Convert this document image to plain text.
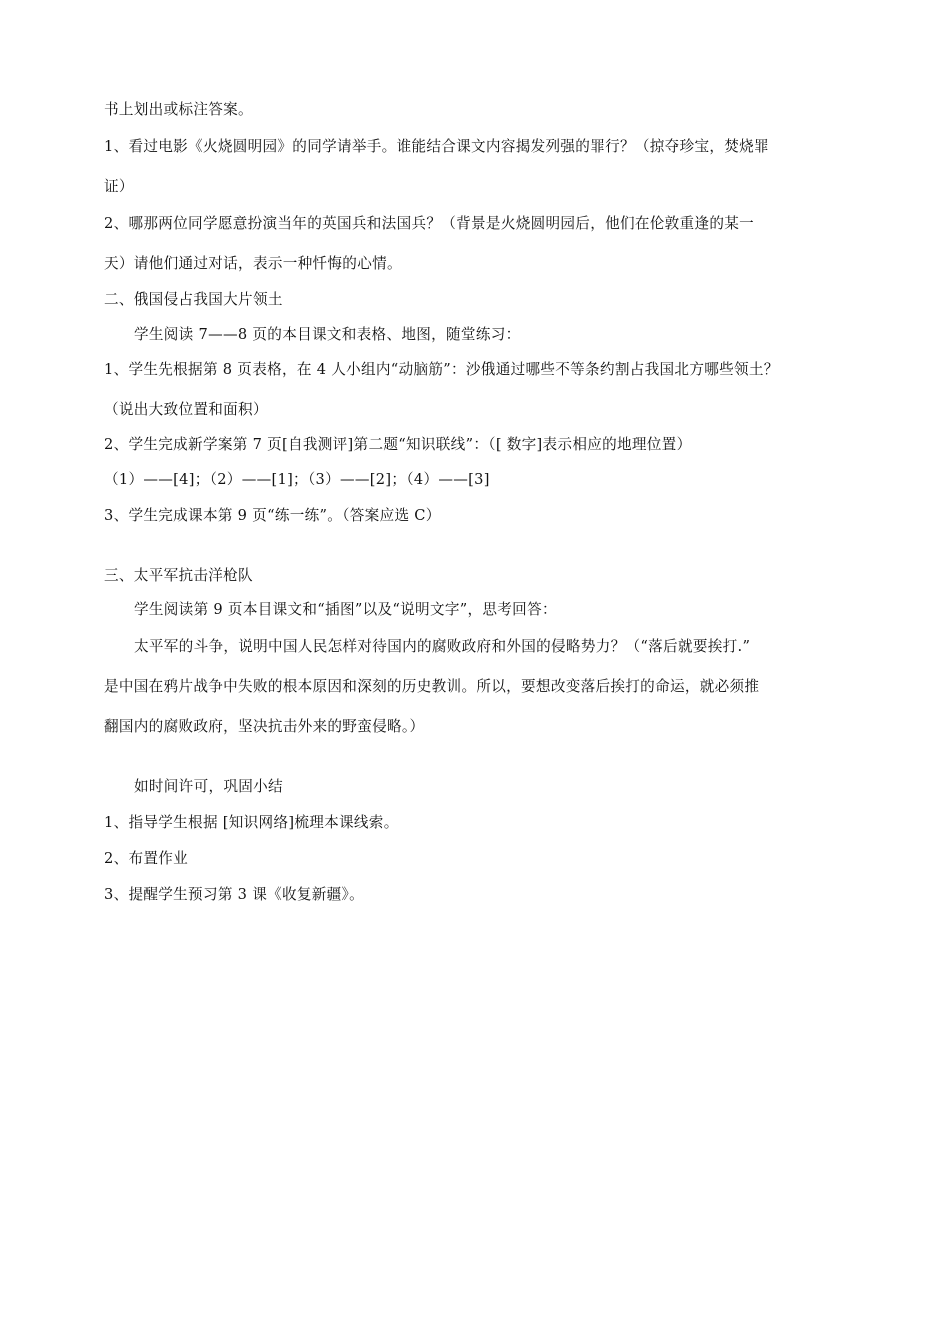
书上划出或标注答案。
1、看过电影《火烧圆明园》的同学请举手。谁能结合课文内容揭发列强的罪行？（掠夺珍宝，焚烧罪
证）
2、哪那两位同学愿意扮演当年的英国兵和法国兵？（背景是火烧圆明园后，他们在伦敦重逢的某一
天）请他们通过对话，表示一种忏悔的心情。
二、俄国侵占我国大片领土
学生阅读 7——8 页的本目课文和表格、地图，随堂练习：
1、学生先根据第 8 页表格，在 4 人小组内“动脑筋”：沙俄通过哪些不等条约割占我国北方哪些领土？
（说出大致位置和面积）
2、学生完成新学案第 7 页[自我测评]第二题“知识联线”：（[ 数字]表示相应的地理位置）
（1）——[4]；（2）——[1]；（3）——[2]；（4）——[3]
3、学生完成课本第 9 页“练一练”。（答案应选 C）
三、太平军抗击洋枪队
学生阅读第 9 页本目课文和“插图”以及“说明文字”，思考回答：
太平军的斗争，说明中国人民怎样对待国内的腐败政府和外国的侵略势力？（“落后就要挨打.”
是中国在鸦片战争中失败的根本原因和深刻的历史教训。所以，要想改变落后挨打的命运，就必须推
翻国内的腐败政府，坚决抗击外来的野蛮侵略。）
如时间许可，巩固小结
1、指导学生根据 [知识网络]梳理本课线索。
2、布置作业
3、提醒学生预习第 3 课《收复新疆》。
